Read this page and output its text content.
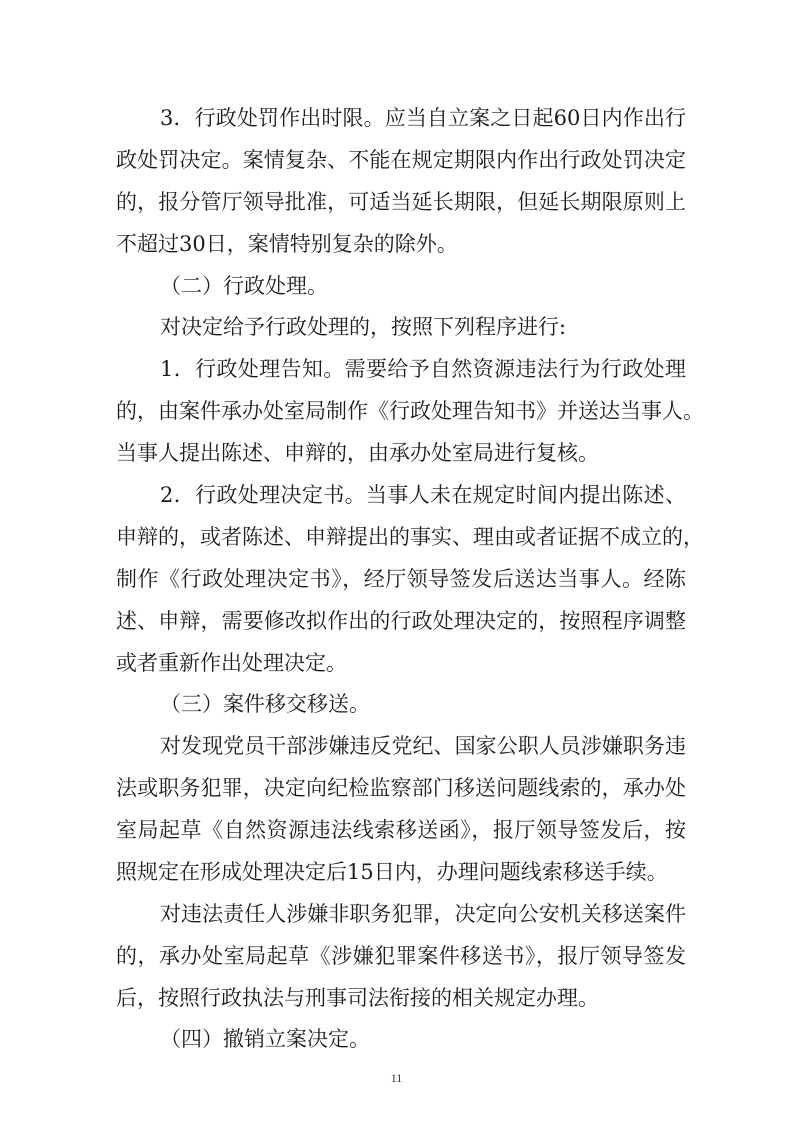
3．行政处罚作出时限。应当自立案之日起60日内作出行
政处罚决定。案情复杂、不能在规定期限内作出行政处罚决定
的，报分管厅领导批准，可适当延长期限，但延长期限原则上
不超过30日，案情特别复杂的除外。
（二）行政处理。
对决定给予行政处理的，按照下列程序进行:
1．行政处理告知。需要给予自然资源违法行为行政处理
的，由案件承办处室局制作《行政处理告知书》并送达当事人。
当事人提出陈述、申辩的，由承办处室局进行复核。
2．行政处理决定书。当事人未在规定时间内提出陈述、
申辩的，或者陈述、申辩提出的事实、理由或者证据不成立的，
制作《行政处理决定书》，经厅领导签发后送达当事人。经陈
述、申辩，需要修改拟作出的行政处理决定的，按照程序调整
或者重新作出处理决定。
（三）案件移交移送。
对发现党员干部涉嫌违反党纪、国家公职人员涉嫌职务违
法或职务犯罪，决定向纪检监察部门移送问题线索的，承办处
室局起草《自然资源违法线索移送函》，报厅领导签发后，按
照规定在形成处理决定后15日内，办理问题线索移送手续。
对违法责任人涉嫌非职务犯罪，决定向公安机关移送案件
的，承办处室局起草《涉嫌犯罪案件移送书》，报厅领导签发
后，按照行政执法与刑事司法衔接的相关规定办理。
（四）撤销立案决定。
11
